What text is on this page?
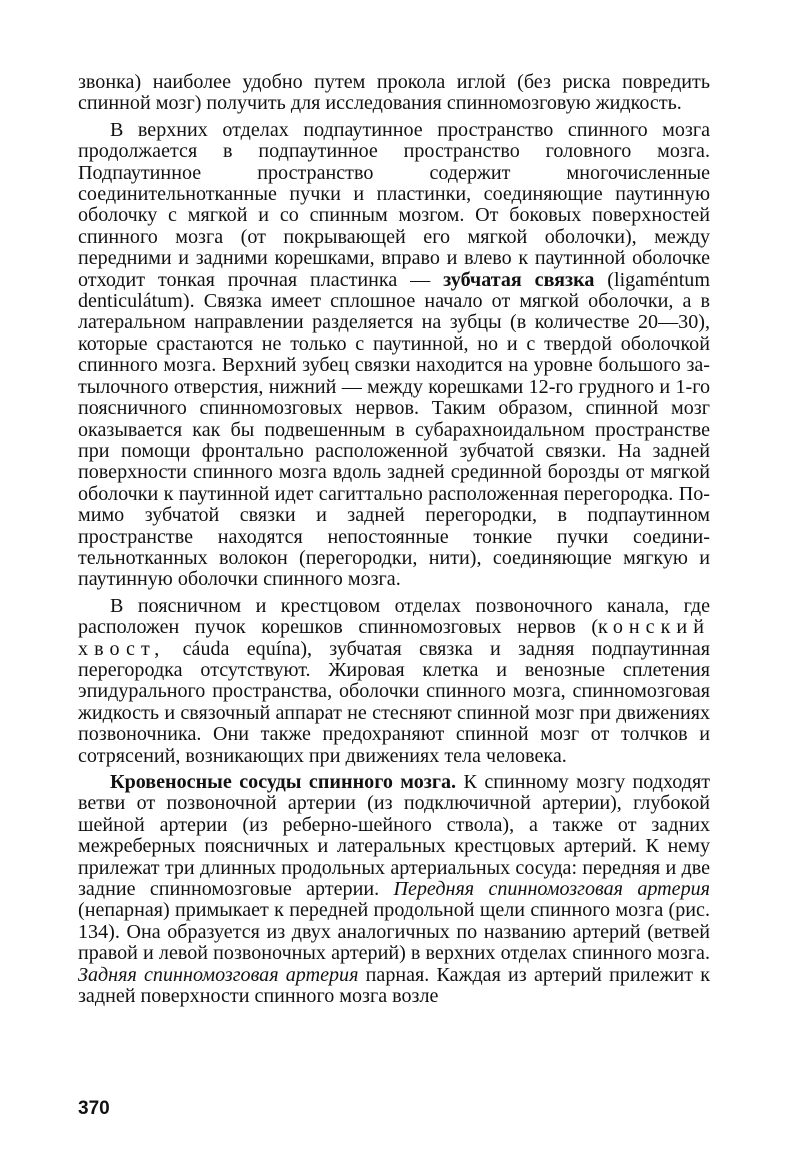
звонка) наиболее удобно путем прокола иглой (без риска повредить спинной мозг) получить для исследования спинномозговую жидкость.

В верхних отделах подпаутинное пространство спинного мозга продолжается в подпаутинное пространство головного мозга. Подпаутинное пространство содержит многочисленные соединительнотканные пучки и пластинки, соединяющие паутинную оболочку с мягкой и со спинным мозгом. От боковых поверхностей спинного мозга (от покрывающей его мягкой оболочки), между передними и задними корешками, вправо и влево к паутинной оболочке отходит тонкая прочная пластинка — зубчатая связка (ligaméntum denticulátum). Связка имеет сплошное начало от мягкой оболочки, а в латеральном направлении разделяется на зубцы (в количестве 20—30), которые срастаются не только с паутинной, но и с твердой оболочкой спинного мозга. Верхний зубец связки находится на уровне большого затылочного отверстия, нижний — между корешками 12-го грудного и 1-го поясничного спинномозговых нервов. Таким образом, спинной мозг оказывается как бы подвешенным в субарахноидальном пространстве при помощи фронтально расположенной зубчатой связки. На задней поверхности спинного мозга вдоль задней срединной борозды от мягкой оболочки к паутинной идет сагиттально расположенная перегородка. Помимо зубчатой связки и задней перегородки, в подпаутинном пространстве находятся непостоянные тонкие пучки соединительнотканных волокон (перегородки, нити), соединяющие мягкую и паутинную оболочки спинного мозга.

В поясничном и крестцовом отделах позвоночного канала, где расположен пучок корешков спинномозговых нервов (конский хвост, cáuda equína), зубчатая связка и задняя подпаутинная перегородка отсутствуют. Жировая клетка и венозные сплетения эпидурального пространства, оболочки спинного мозга, спинномозговая жидкость и связочный аппарат не стесняют спинной мозг при движениях позвоночника. Они также предохраняют спинной мозг от толчков и сотрясений, возникающих при движениях тела человека.

Кровеносные сосуды спинного мозга. К спинному мозгу подходят ветви от позвоночной артерии (из подключичной артерии), глубокой шейной артерии (из реберно-шейного ствола), а также от задних межреберных поясничных и латеральных крестцовых артерий. К нему прилежат три длинных продольных артериальных сосуда: передняя и две задние спинномозговые артерии. Передняя спинномозговая артерия (непарная) примыкает к передней продольной щели спинного мозга (рис. 134). Она образуется из двух аналогичных по названию артерий (ветвей правой и левой позвоночных артерий) в верхних отделах спинного мозга. Задняя спинномозговая артерия парная. Каждая из артерий прилежит к задней поверхности спинного мозга возле

370
